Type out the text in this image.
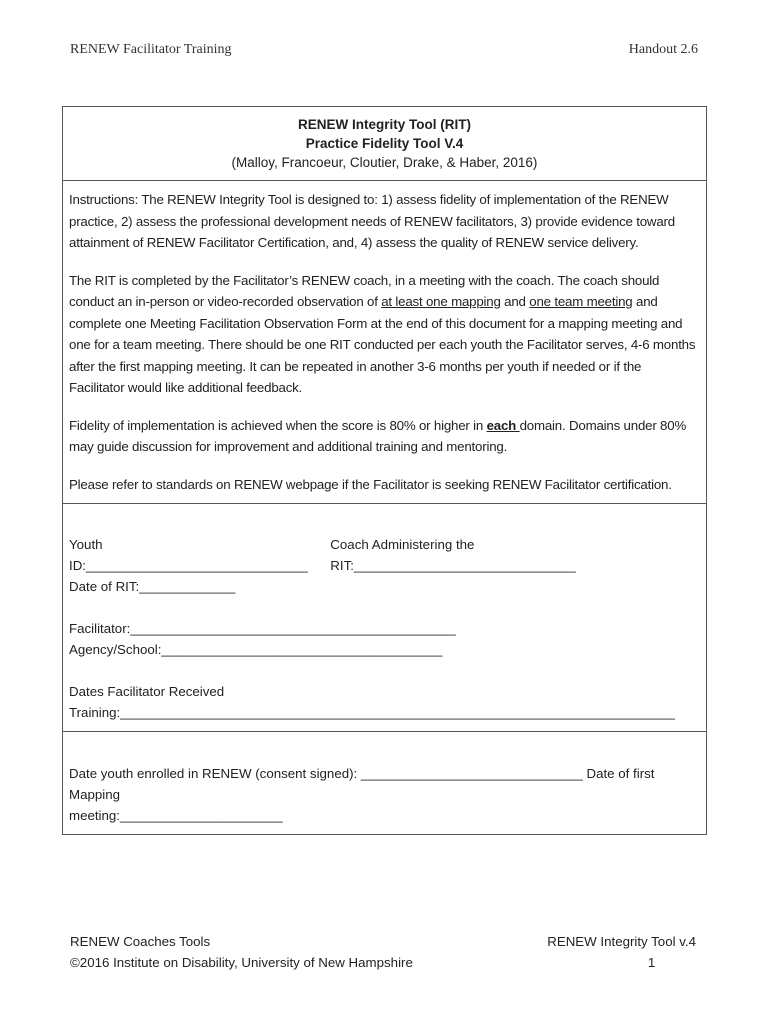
RENEW Facilitator Training	Handout 2.6
RENEW Integrity Tool (RIT)
Practice Fidelity Tool V.4
(Malloy, Francoeur, Cloutier, Drake, & Haber, 2016)

Instructions: The RENEW Integrity Tool is designed to: 1) assess fidelity of implementation of the RENEW practice, 2) assess the professional development needs of RENEW facilitators, 3) provide evidence toward attainment of RENEW Facilitator Certification, and, 4) assess the quality of RENEW service delivery.

The RIT is completed by the Facilitator’s RENEW coach, in a meeting with the coach. The coach should conduct an in-person or video-recorded observation of at least one mapping and one team meeting and complete one Meeting Facilitation Observation Form at the end of this document for a mapping meeting and one for a team meeting. There should be one RIT conducted per each youth the Facilitator serves, 4-6 months after the first mapping meeting. It can be repeated in another 3-6 months per youth if needed or if the Facilitator would like additional feedback.

Fidelity of implementation is achieved when the score is 80% or higher in each domain. Domains under 80% may guide discussion for improvement and additional training and mentoring.

Please refer to standards on RENEW webpage if the Facilitator is seeking RENEW Facilitator certification.

Youth ID:______________________________
Coach Administering the RIT:______________________________
Date of RIT:_____________
Facilitator:____________________________________________
Agency/School:______________________________________
Dates Facilitator Received
Training:___________________________________________________________________________
Date youth enrolled in RENEW (consent signed): ______________________________ Date of first Mapping
meeting:______________________
RENEW Coaches Tools
©2016 Institute on Disability, University of New Hampshire
RENEW Integrity Tool v.4
1
